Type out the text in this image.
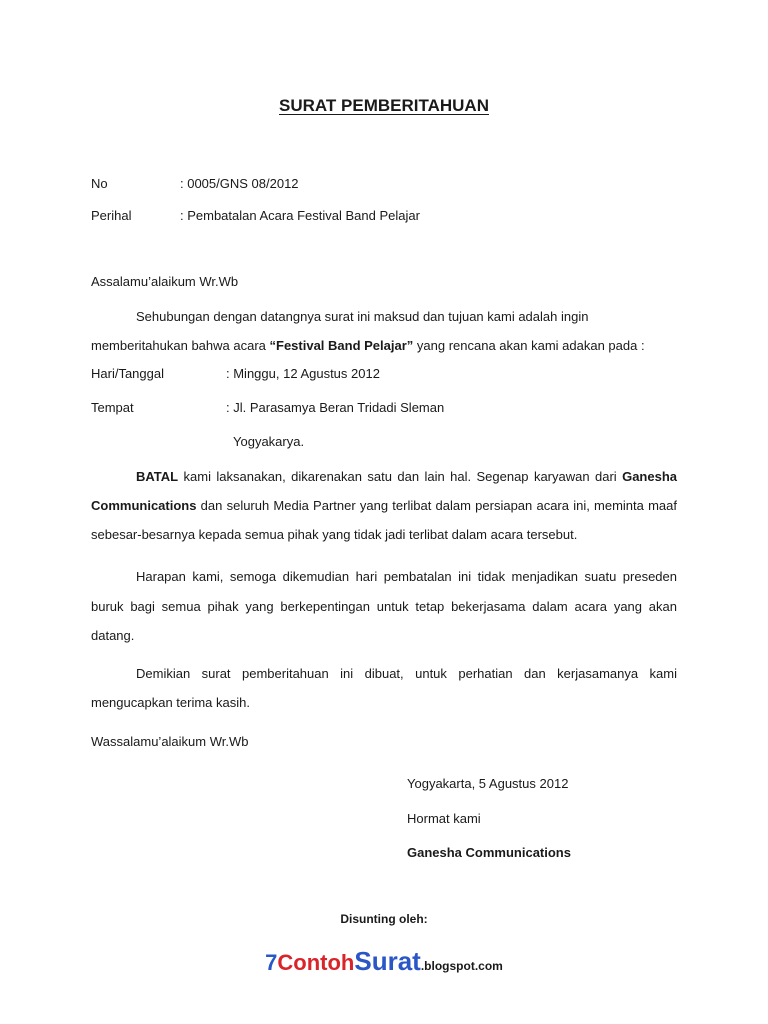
SURAT PEMBERITAHUAN
No	: 0005/GNS 08/2012
Perihal	: Pembatalan Acara Festival Band Pelajar
Assalamu’alaikum Wr.Wb
Sehubungan dengan datangnya surat ini maksud dan tujuan kami adalah ingin
memberitahukan bahwa acara “Festival Band Pelajar” yang rencana akan kami adakan pada :
Hari/Tanggal	: Minggu, 12 Agustus 2012
Tempat	: Jl. Parasamya Beran Tridadi Sleman
Yogyakarya.
BATAL kami laksanakan, dikarenakan satu dan lain hal. Segenap karyawan dari Ganesha Communications dan seluruh Media Partner yang terlibat dalam persiapan acara ini, meminta maaf sebesar-besarnya kepada semua pihak yang tidak jadi terlibat dalam acara tersebut.
Harapan kami, semoga dikemudian hari pembatalan ini tidak menjadikan suatu preseden buruk bagi semua pihak yang berkepentingan untuk tetap bekerjasama dalam acara yang akan datang.
Demikian surat pemberitahuan ini dibuat, untuk perhatian dan kerjasamanya kami mengucapkan terima kasih.
Wassalamu’alaikum Wr.Wb
Yogyakarta, 5 Agustus 2012
Hormat kami
Ganesha Communications
Disunting oleh:
7ContohSurat.blogspot.com
